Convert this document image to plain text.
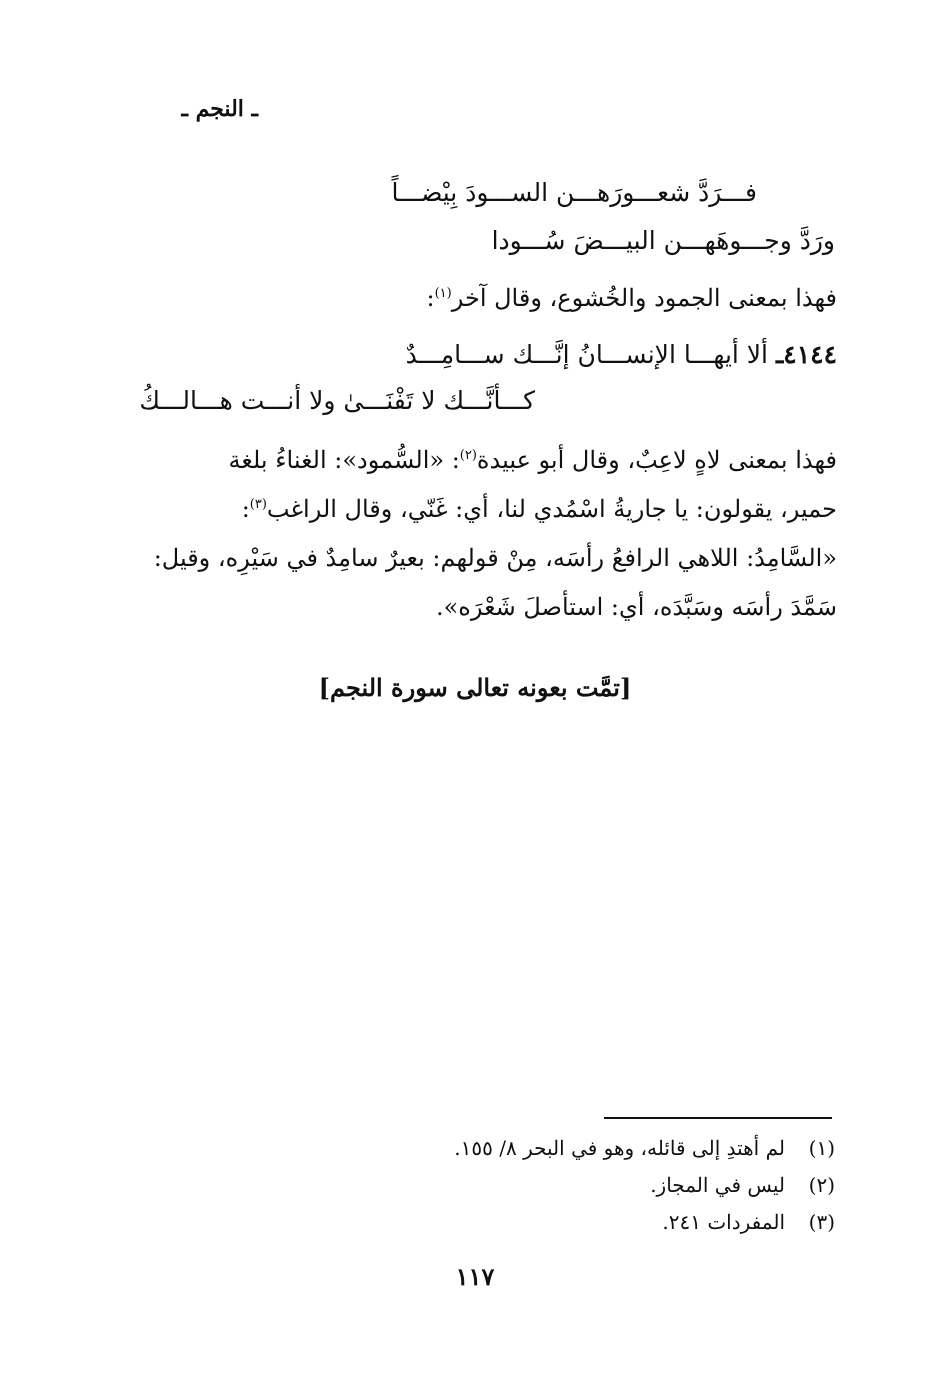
ـ النجم ـ
فـــرَدَّ شعـــورَهـــن الســـودَ بِيْضـــاً
ورَدَّ وجـــوهَهـــن البيـــضَ سُـــودا
فهذا بمعنى الجمود والخُشوع، وقال آخر$^{(١)}$:
٤١٤٤ـ ألا أيهـــا الإنســـانُ إنَّـــك ســـامِـــدٌ
كـــأنَّـــك لا تَفْنَـــىٰ ولا أنـــت هـــالـــكُ
فهذا بمعنى لاهٍ لاعِبٌ، وقال أبو عبيدة$^{(٢)}$: «السُّمود»: الغناءُ بلغة
حمير، يقولون: يا جاريةُ اسْمُدي لنا، أي: غَنّي، وقال الراغب$^{(٣)}$:
«السَّامِدُ: اللاهي الرافعُ رأسَه، مِنْ قولهم: بعيرٌ سامِدٌ في سَيْرِه، وقيل:
سَمَّدَ رأسَه وسَبَّدَه، أي: استأصلَ شَعْرَه».
[تمَّت بعونه تعالى سورة النجم]
(١)لم أهتدِ إلى قائله، وهو في البحر ٨/ ١٥٥.
(٢)ليس في المجاز.
(٣)المفردات ٢٤١.
١١٧
